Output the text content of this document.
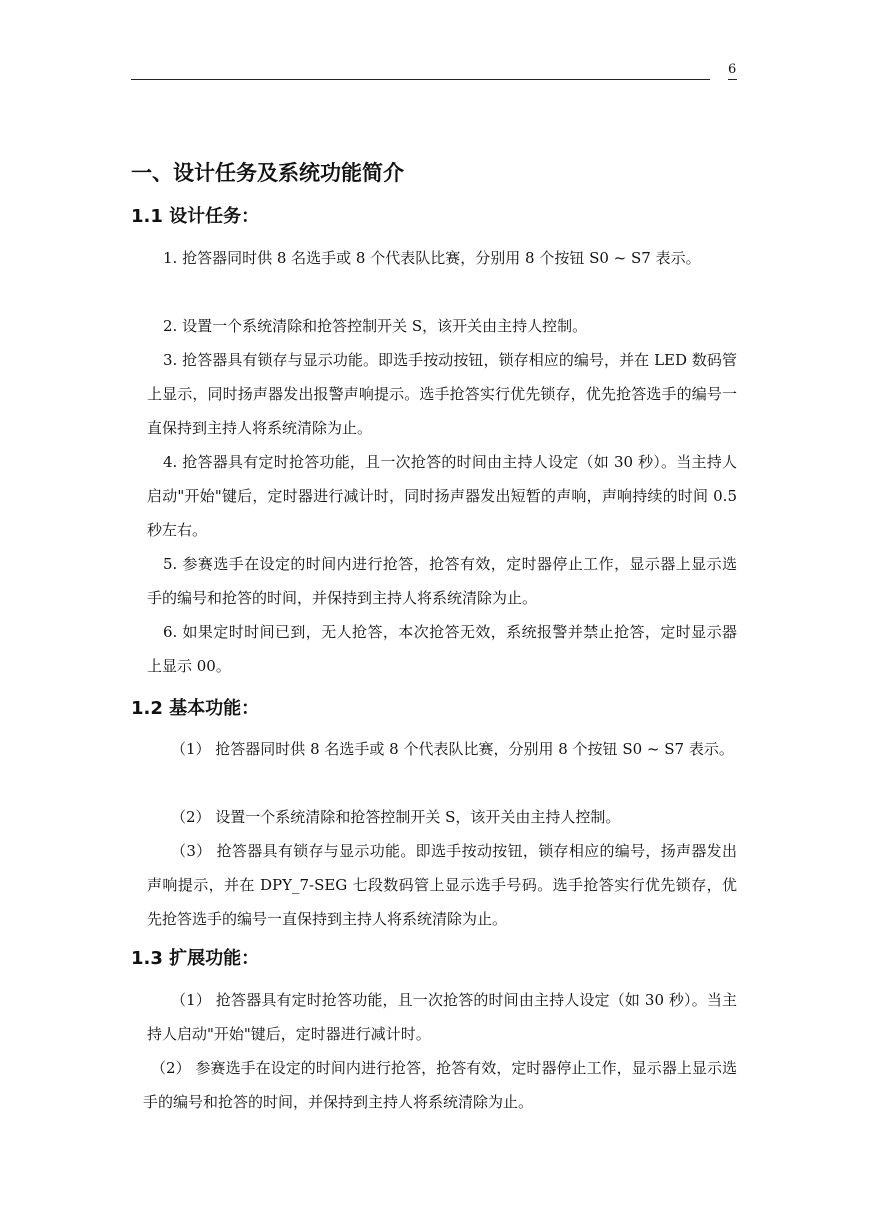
6
一、设计任务及系统功能简介
1.1 设计任务：

1. 抢答器同时供 8 名选手或 8 个代表队比赛，分别用 8 个按钮 S0 ~ S7 表示。

2. 设置一个系统清除和抢答控制开关 S，该开关由主持人控制。

3. 抢答器具有锁存与显示功能。即选手按动按钮，锁存相应的编号，并在 LED 数码管上显示，同时扬声器发出报警声响提示。选手抢答实行优先锁存，优先抢答选手的编号一直保持到主持人将系统清除为止。

4. 抢答器具有定时抢答功能，且一次抢答的时间由主持人设定（如 30 秒）。当主持人启动"开始"键后，定时器进行减计时，同时扬声器发出短暂的声响，声响持续的时间 0.5 秒左右。

5. 参赛选手在设定的时间内进行抢答，抢答有效，定时器停止工作，显示器上显示选手的编号和抢答的时间，并保持到主持人将系统清除为止。

6. 如果定时时间已到，无人抢答，本次抢答无效，系统报警并禁止抢答，定时显示器上显示 00。

1.2 基本功能：

（1） 抢答器同时供 8 名选手或 8 个代表队比赛，分别用 8 个按钮 S0 ~ S7 表示。

（2） 设置一个系统清除和抢答控制开关 S，该开关由主持人控制。

（3） 抢答器具有锁存与显示功能。即选手按动按钮，锁存相应的编号，扬声器发出声响提示，并在 DPY_7-SEG 七段数码管上显示选手号码。选手抢答实行优先锁存，优先抢答选手的编号一直保持到主持人将系统清除为止。

1.3 扩展功能：

（1） 抢答器具有定时抢答功能，且一次抢答的时间由主持人设定（如 30 秒）。当主持人启动"开始"键后，定时器进行减计时。

（2） 参赛选手在设定的时间内进行抢答，抢答有效，定时器停止工作，显示器上显示选手的编号和抢答的时间，并保持到主持人将系统清除为止。
